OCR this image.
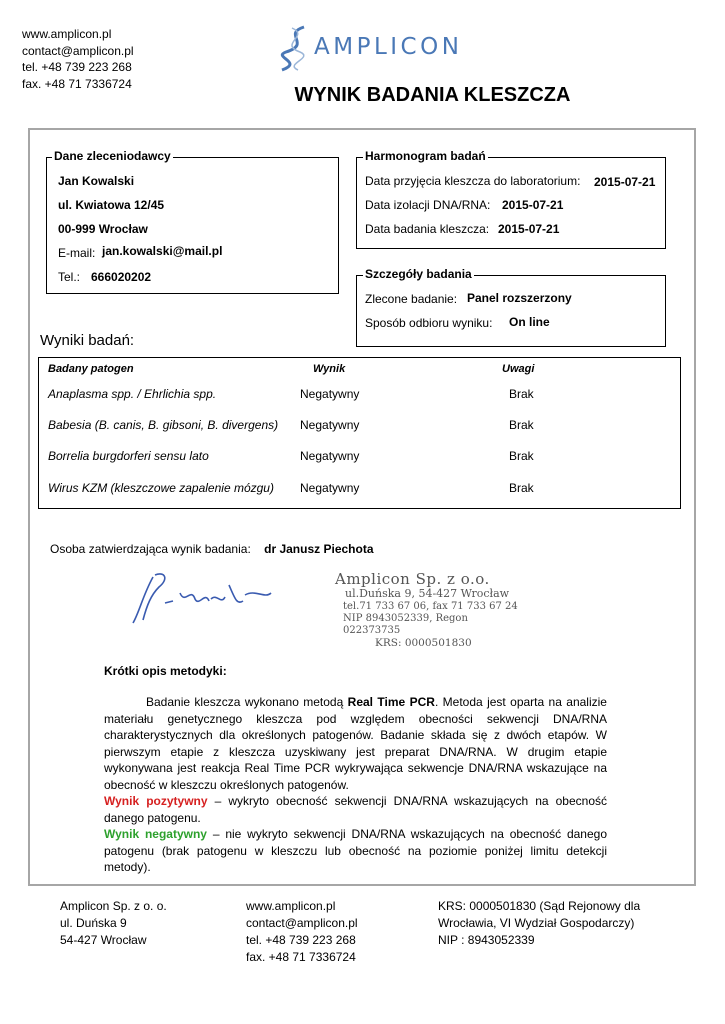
www.amplicon.pl
contact@amplicon.pl
tel. +48 739 223 268
fax. +48 71 7336724
AMPLICON
WYNIK BADANIA KLESZCZA
Dane zleceniodawcy
Jan Kowalski
ul. Kwiatowa 12/45
00-999 Wrocław
E-mail: jan.kowalski@mail.pl
Tel.: 666020202
Harmonogram badań
Data przyjęcia kleszcza do laboratorium: 2015-07-21
Data izolacji DNA/RNA: 2015-07-21
Data badania kleszcza: 2015-07-21
Szczegóły badania
Zlecone badanie: Panel rozszerzony
Sposób odbioru wyniku: On line
Wyniki badań:
Badany patogen	Wynik	Uwagi
Anaplasma spp. / Ehrlichia spp.	Negatywny	Brak
Babesia (B. canis, B. gibsoni, B. divergens) Negatywny	Brak
Borrelia burgdorferi sensu lato	Negatywny	Brak
Wirus KZM (kleszczowe zapalenie mózgu) Negatywny	Brak
Osoba zatwierdzająca wynik badania: dr Janusz Piechota
Amplicon Sp. z o.o.
ul.Duńska 9, 54-427 Wrocław
tel.71 733 67 06, fax 71 733 67 24
NIP 8943052339, Regon 022373735
KRS: 0000501830
Krótki opis metodyki:
Badanie kleszcza wykonano metodą Real Time PCR. Metoda jest oparta na analizie materiału genetycznego kleszcza pod względem obecności sekwencji DNA/RNA charakterystycznych dla określonych patogenów. Badanie składa się z dwóch etapów. W pierwszym etapie z kleszcza uzyskiwany jest preparat DNA/RNA. W drugim etapie wykonywana jest reakcja Real Time PCR wykrywająca sekwencje DNA/RNA wskazujące na obecność w kleszczu określonych patogenów.
Wynik pozytywny – wykryto obecność sekwencji DNA/RNA wskazujących na obecność danego patogenu.
Wynik negatywny – nie wykryto sekwencji DNA/RNA wskazujących na obecność danego patogenu (brak patogenu w kleszczu lub obecność na poziomie poniżej limitu detekcji metody).
Amplicon Sp. z o. o.
ul. Duńska 9
54-427 Wrocław
www.amplicon.pl
contact@amplicon.pl
tel. +48 739 223 268
fax. +48 71 7336724
KRS: 0000501830 (Sąd Rejonowy dla
Wrocławia, VI Wydział Gospodarczy)
NIP : 8943052339
